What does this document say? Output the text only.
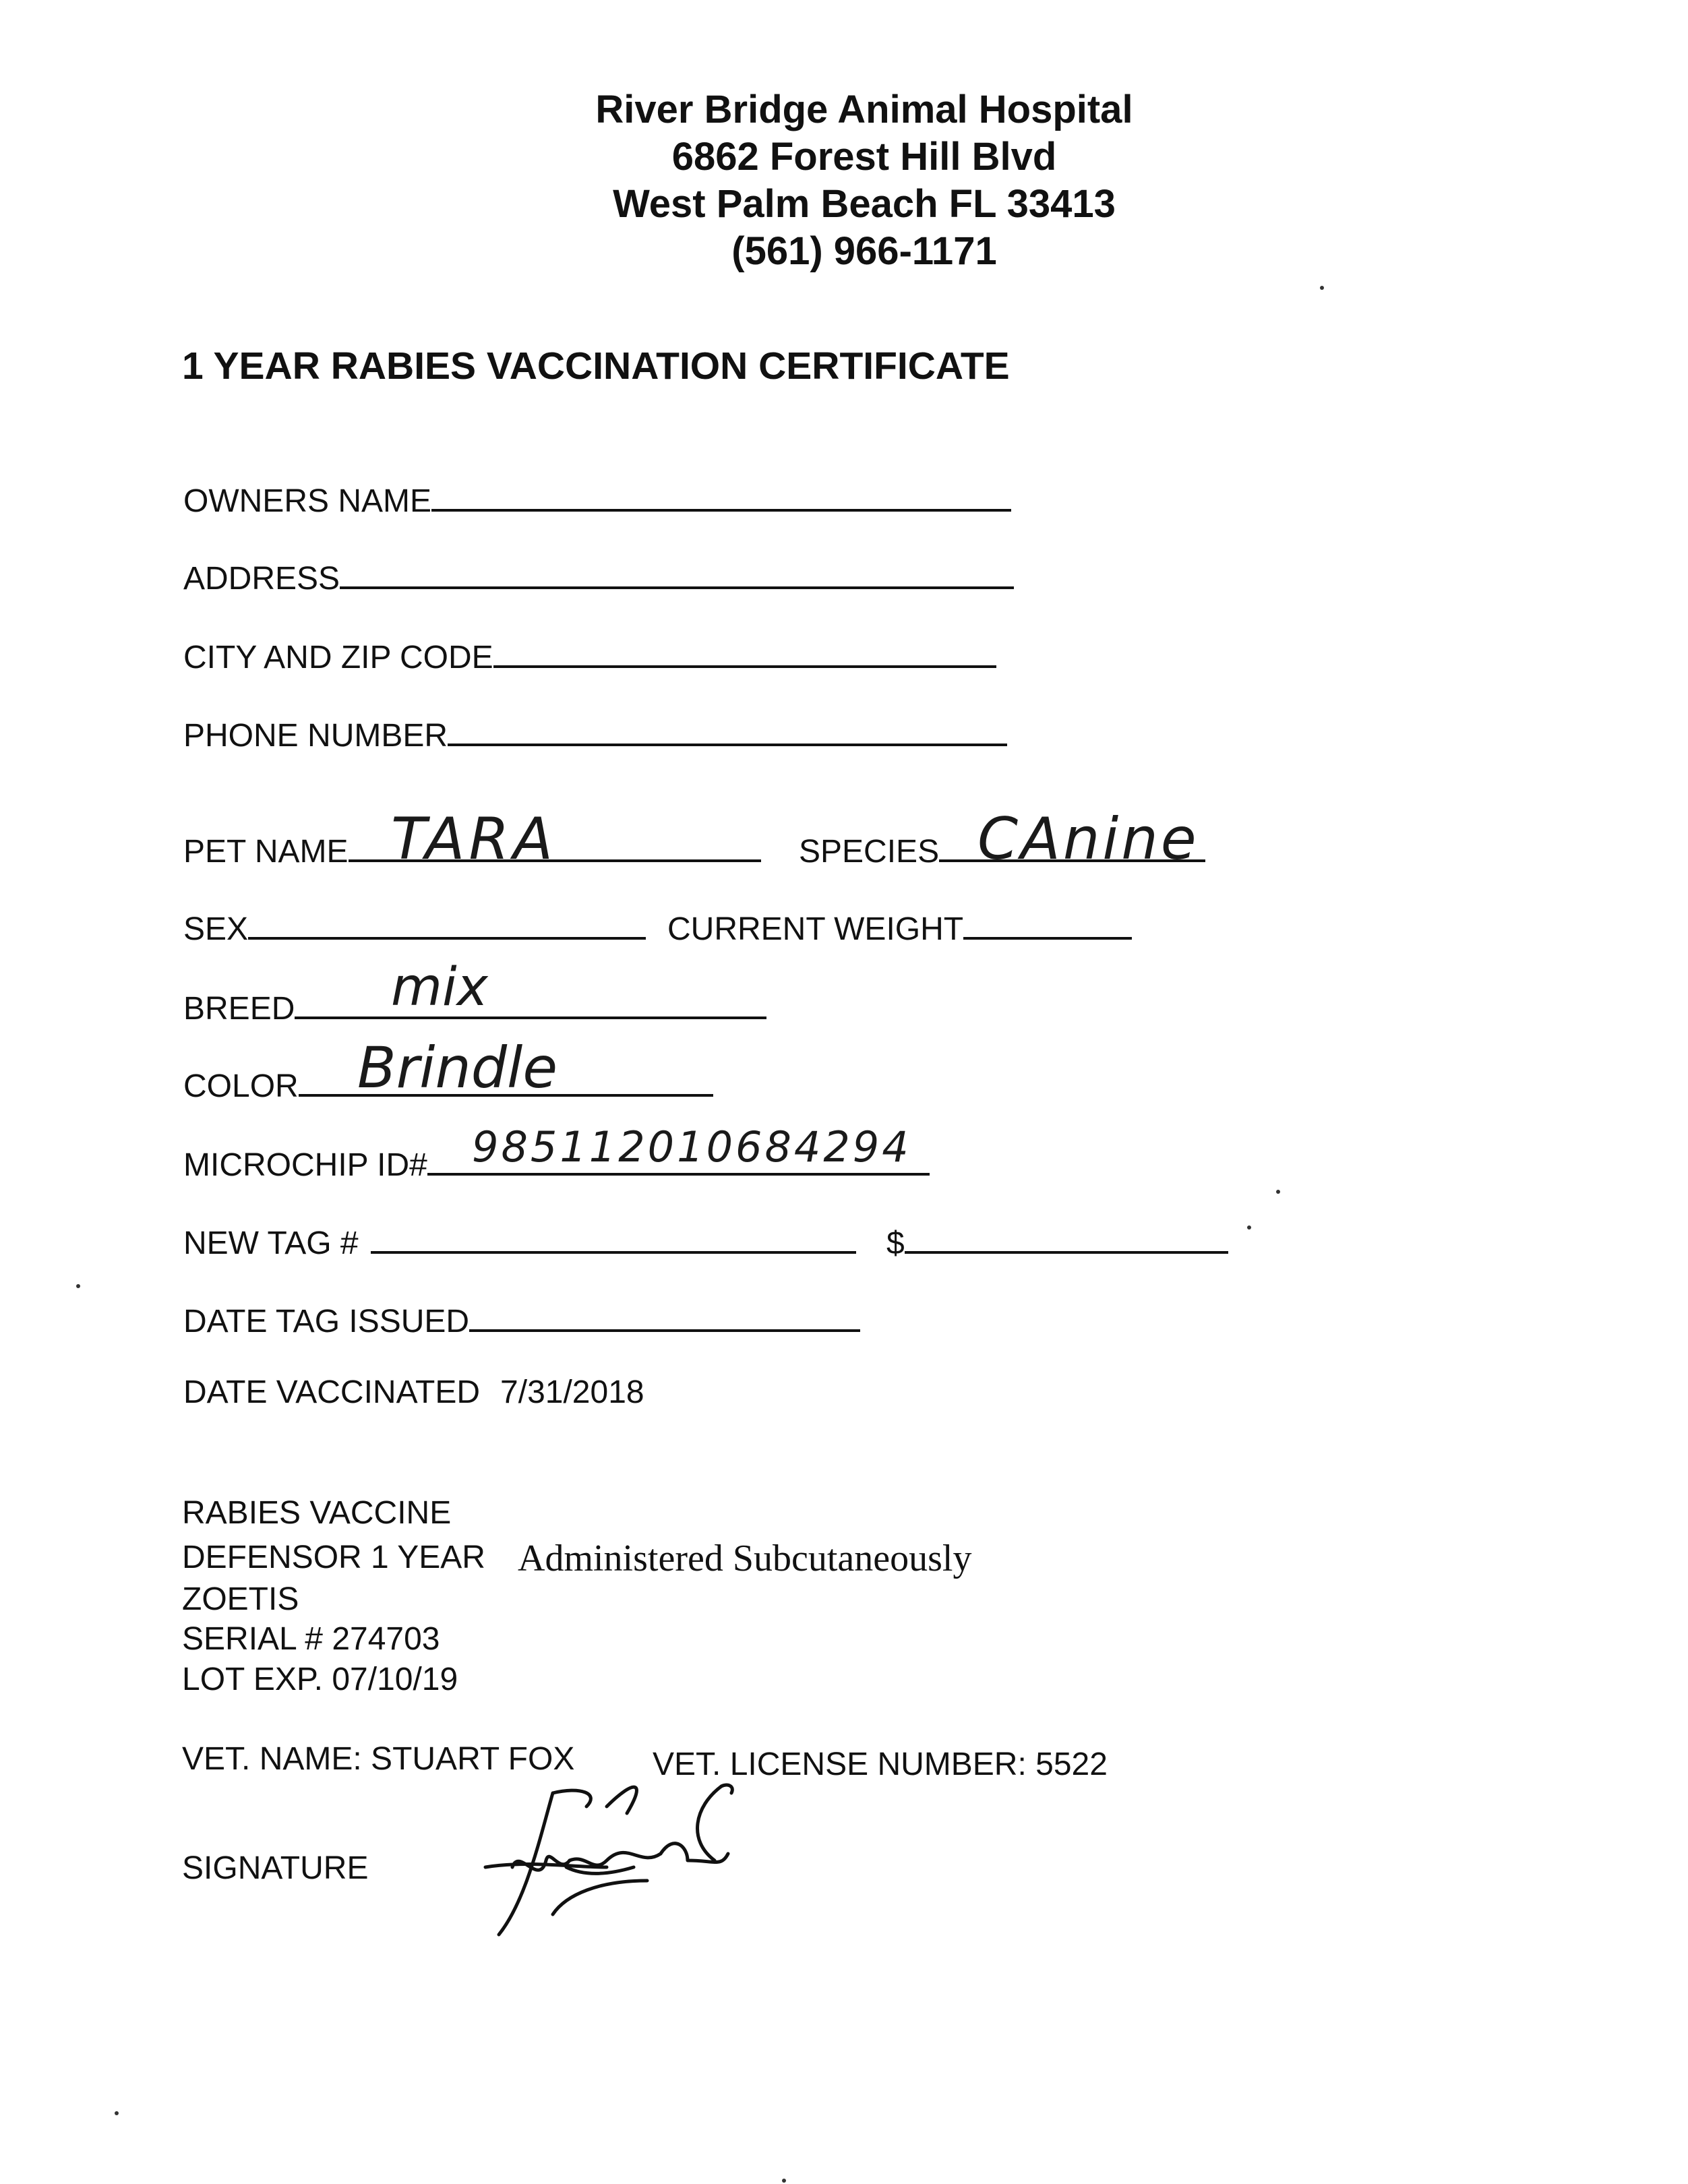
River Bridge Animal Hospital
6862 Forest Hill Blvd
West Palm Beach FL 33413
(561) 966-1171
1 YEAR RABIES VACCINATION CERTIFICATE
OWNERS NAME
ADDRESS
CITY AND ZIP CODE
PHONE NUMBER
PET NAME	SPECIES
TARA	CAnine
SEX	CURRENT WEIGHT
BREED	mix
COLOR	Brindle
MICROCHIP ID#	985112010684294
NEW TAG #	$
DATE TAG ISSUED
DATE VACCINATED 7/31/2018
RABIES VACCINE
DEFENSOR 1 YEAR Administered Subcutaneously
ZOETIS
SERIAL # 274703
LOT EXP. 07/10/19
VET. NAME: STUART FOX VET. LICENSE NUMBER: 5522
SIGNATURE
